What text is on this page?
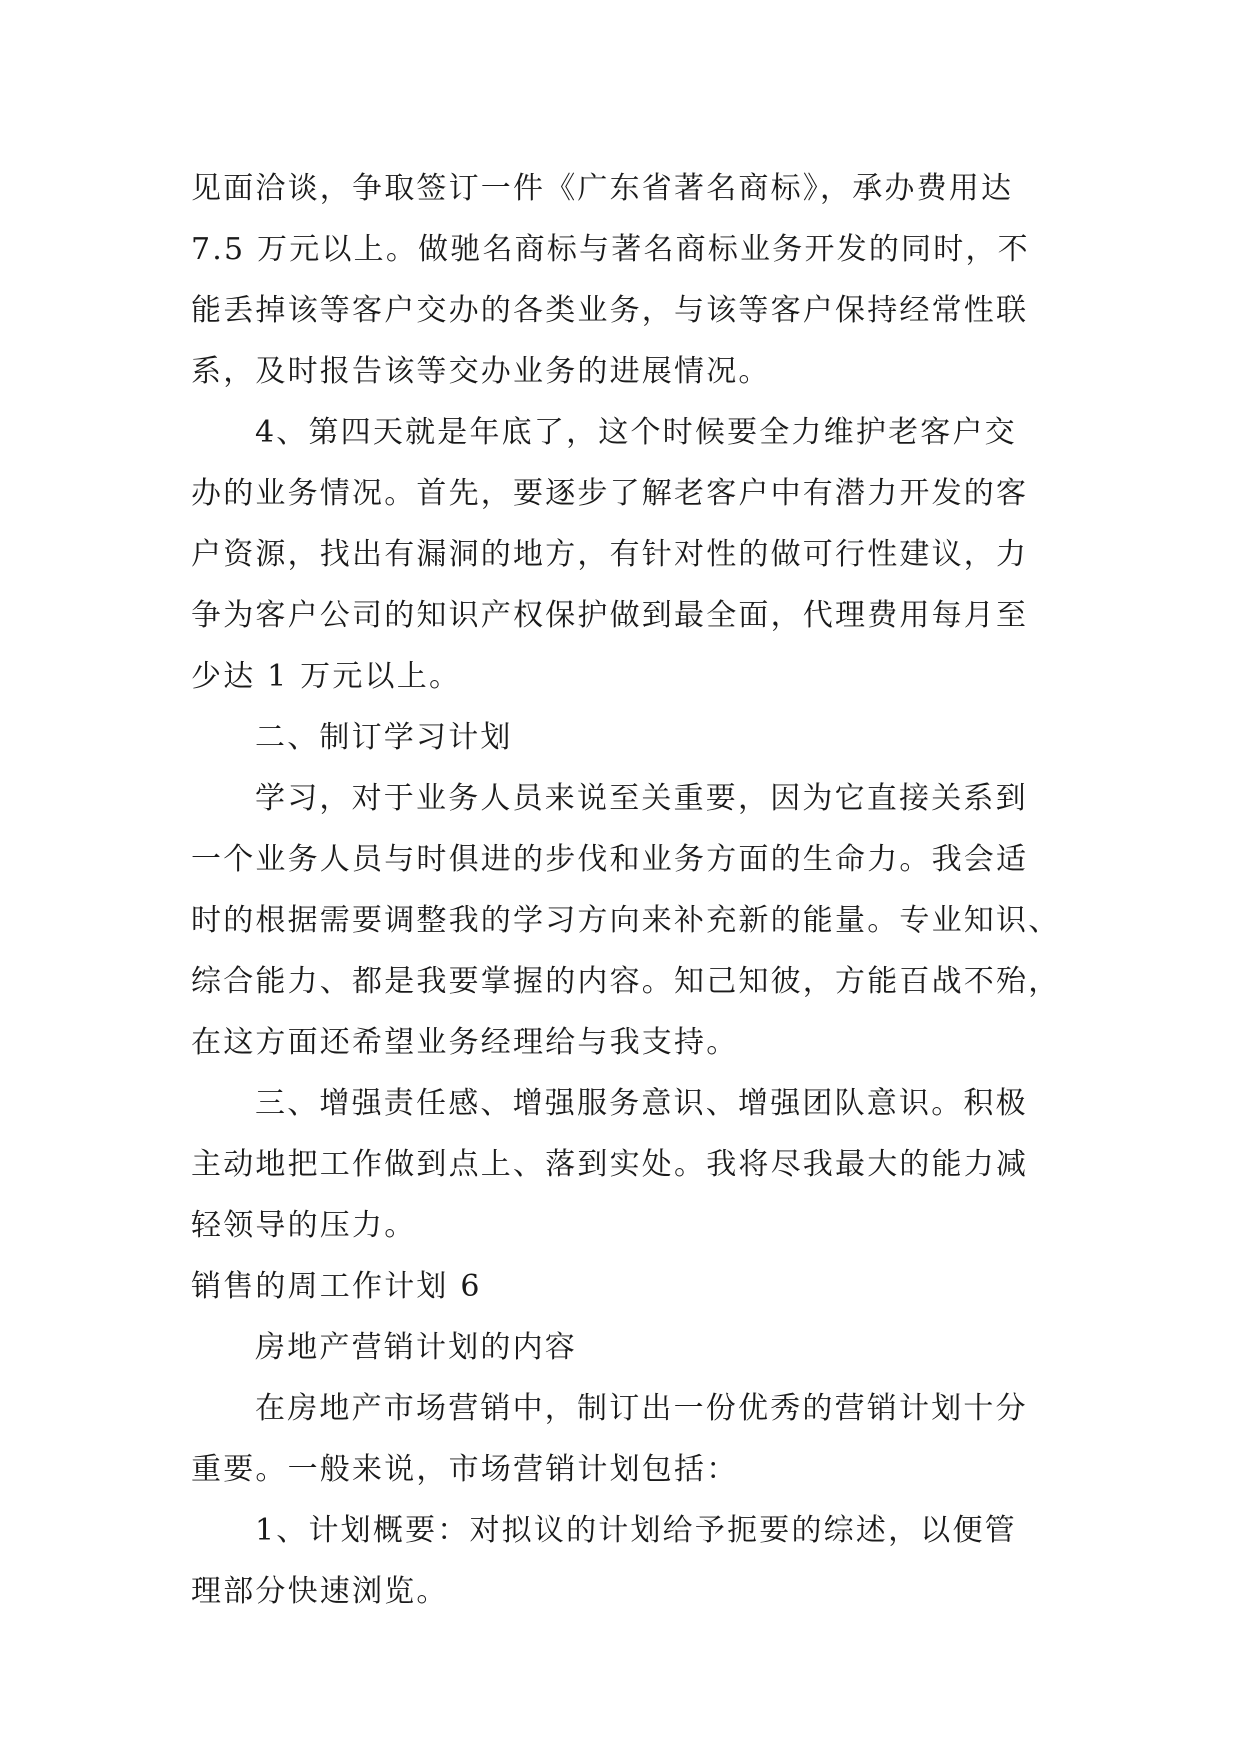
见面洽谈，争取签订一件《广东省著名商标》，承办费用达
7.5 万元以上。做驰名商标与著名商标业务开发的同时，不
能丢掉该等客户交办的各类业务，与该等客户保持经常性联
系，及时报告该等交办业务的进展情况。
4、第四天就是年底了，这个时候要全力维护老客户交
办的业务情况。首先，要逐步了解老客户中有潜力开发的客
户资源，找出有漏洞的地方，有针对性的做可行性建议，力
争为客户公司的知识产权保护做到最全面，代理费用每月至
少达 1 万元以上。
二、制订学习计划
学习，对于业务人员来说至关重要，因为它直接关系到
一个业务人员与时俱进的步伐和业务方面的生命力。我会适
时的根据需要调整我的学习方向来补充新的能量。专业知识、
综合能力、都是我要掌握的内容。知己知彼，方能百战不殆，
在这方面还希望业务经理给与我支持。
三、增强责任感、增强服务意识、增强团队意识。积极
主动地把工作做到点上、落到实处。我将尽我最大的能力减
轻领导的压力。
销售的周工作计划 6
房地产营销计划的内容
在房地产市场营销中，制订出一份优秀的营销计划十分
重要。一般来说，市场营销计划包括：
1、计划概要：对拟议的计划给予扼要的综述，以便管
理部分快速浏览。
